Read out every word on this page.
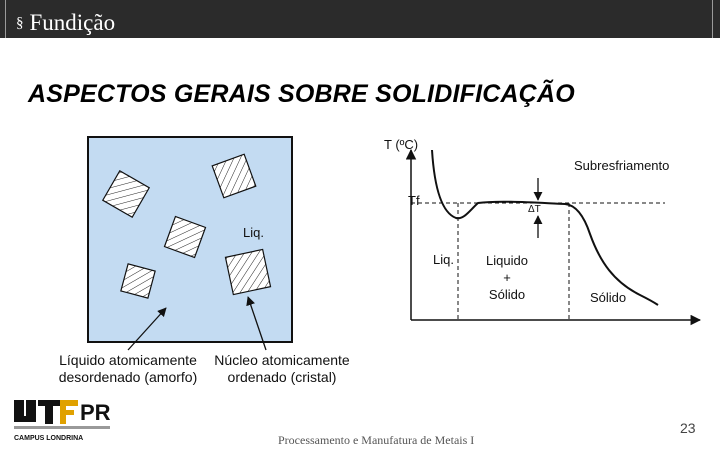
§ Fundição
ASPECTOS GERAIS SOBRE SOLIDIFICAÇÃO
Liq.
Líquido atomicamente
desordenado (amorfo)
Núcleo atomicamente
ordenado (cristal)
T (ºC)
Subresfriamento
Tf
ΔT
Liq.	Liquido
+
Sólido	Sólido
PR
CAMPUS LONDRINA	Processamento e Manufatura de Metais I
23
